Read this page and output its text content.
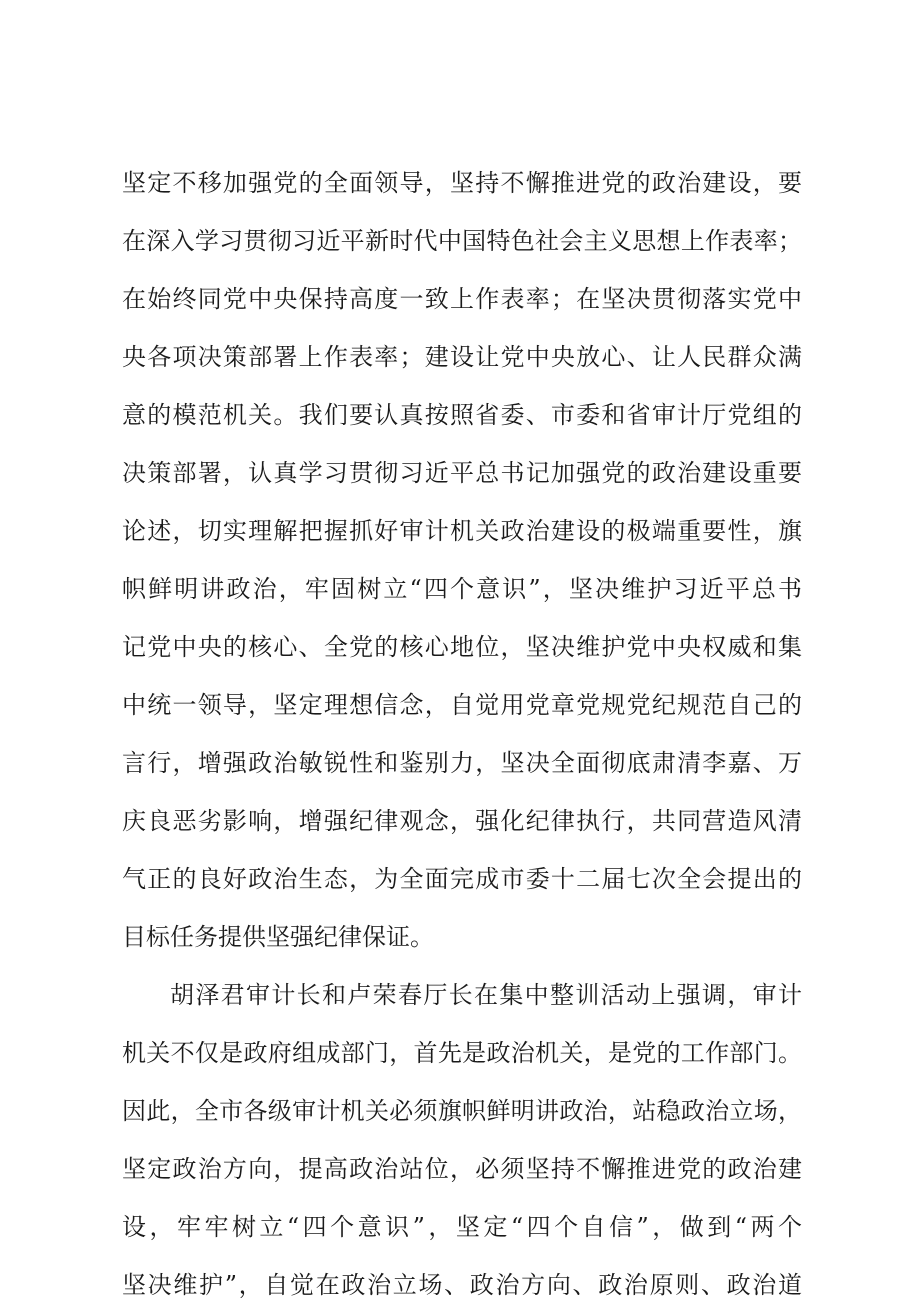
坚定不移加强党的全面领导，坚持不懈推进党的政治建设，要
在深入学习贯彻习近平新时代中国特色社会主义思想上作表率；
在始终同党中央保持高度一致上作表率；在坚决贯彻落实党中
央各项决策部署上作表率；建设让党中央放心、让人民群众满
意的模范机关。我们要认真按照省委、市委和省审计厅党组的
决策部署，认真学习贯彻习近平总书记加强党的政治建设重要
论述，切实理解把握抓好审计机关政治建设的极端重要性，旗
帜鲜明讲政治，牢固树立“四个意识”，坚决维护习近平总书
记党中央的核心、全党的核心地位，坚决维护党中央权威和集
中统一领导，坚定理想信念，自觉用党章党规党纪规范自己的
言行，增强政治敏锐性和鉴别力，坚决全面彻底肃清李嘉、万
庆良恶劣影响，增强纪律观念，强化纪律执行，共同营造风清
气正的良好政治生态，为全面完成市委十二届七次全会提出的
目标任务提供坚强纪律保证。
胡泽君审计长和卢荣春厅长在集中整训活动上强调，审计
机关不仅是政府组成部门，首先是政治机关，是党的工作部门。
因此，全市各级审计机关必须旗帜鲜明讲政治，站稳政治立场，
坚定政治方向，提高政治站位，必须坚持不懈推进党的政治建
设，牢牢树立“四个意识”，坚定“四个自信”，做到“两个
坚决维护”，自觉在政治立场、政治方向、政治原则、政治道
